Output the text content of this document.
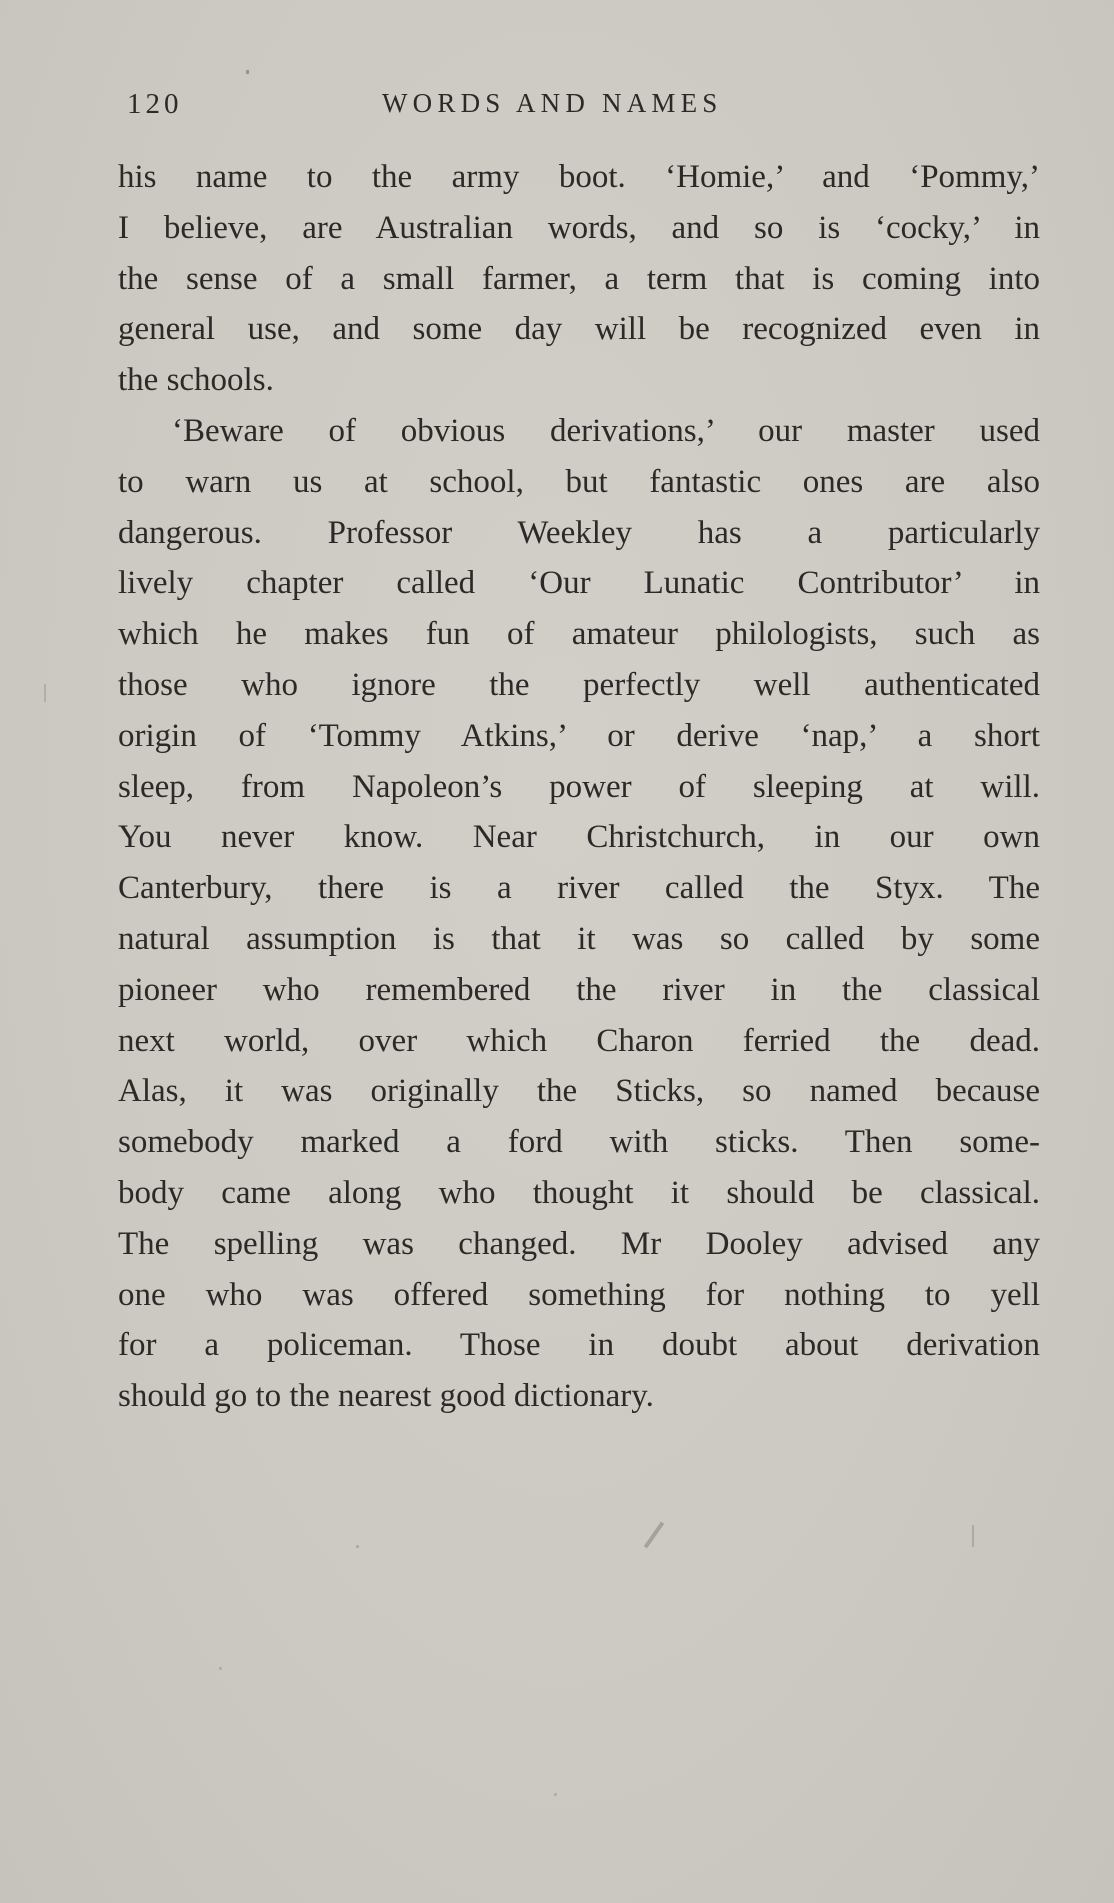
120	WORDS AND NAMES
his name to the army boot. ‘Homie,’ and ‘Pommy,’
I believe, are Australian words, and so is ‘cocky,’ in
the sense of a small farmer, a term that is coming into
general use, and some day will be recognized even in
the schools.
‘Beware of obvious derivations,’ our master used
to warn us at school, but fantastic ones are also
dangerous. Professor Weekley has a particularly
lively chapter called ‘Our Lunatic Contributor’ in
which he makes fun of amateur philologists, such as
those who ignore the perfectly well authenticated
origin of ‘Tommy Atkins,’ or derive ‘nap,’ a short
sleep, from Napoleon’s power of sleeping at will.
You never know. Near Christchurch, in our own
Canterbury, there is a river called the Styx. The
natural assumption is that it was so called by some
pioneer who remembered the river in the classical
next world, over which Charon ferried the dead.
Alas, it was originally the Sticks, so named because
somebody marked a ford with sticks. Then some-
body came along who thought it should be classical.
The spelling was changed. Mr Dooley advised any
one who was offered something for nothing to yell
for a policeman. Those in doubt about derivation
should go to the nearest good dictionary.
